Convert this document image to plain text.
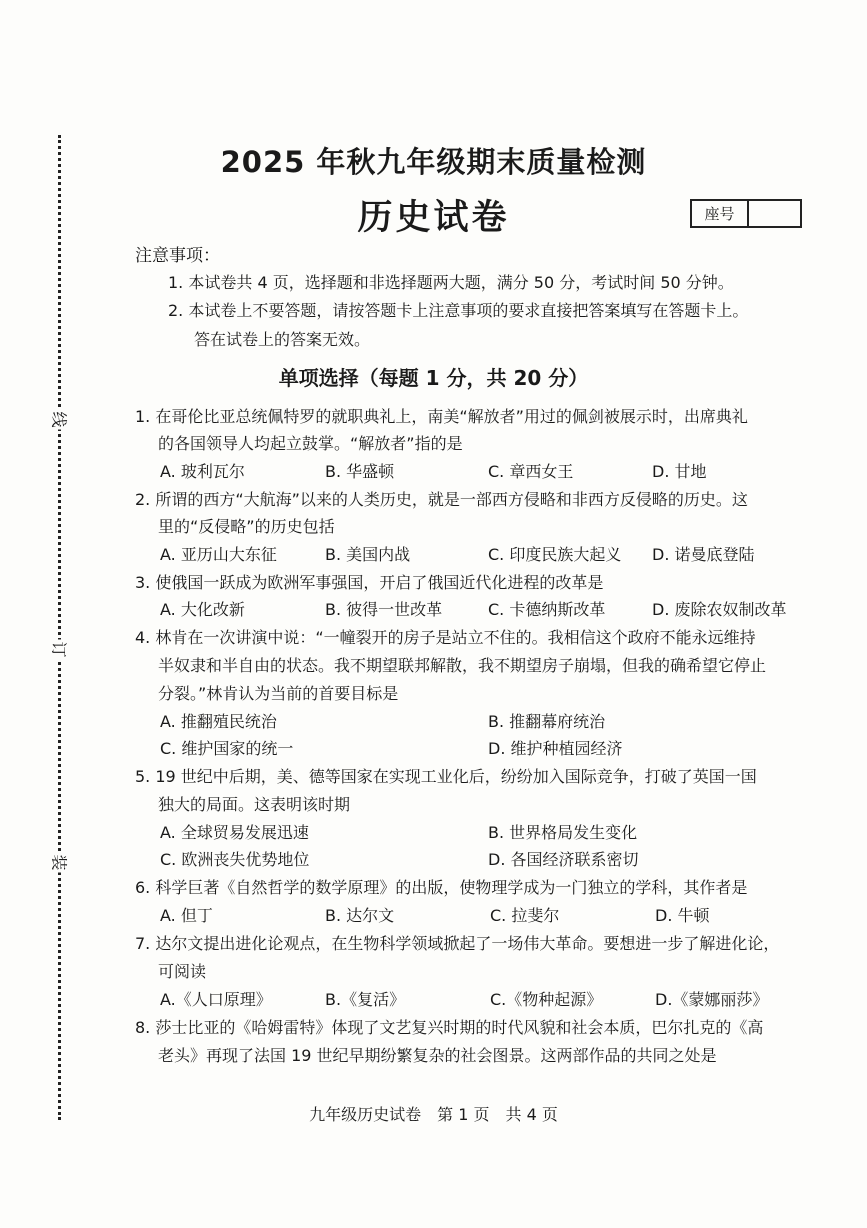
线
订
装
2025 年秋九年级期末质量检测
历史试卷	座号
注意事项：
1. 本试卷共 4 页，选择题和非选择题两大题，满分 50 分，考试时间 50 分钟。
2. 本试卷上不要答题，请按答题卡上注意事项的要求直接把答案填写在答题卡上。
答在试卷上的答案无效。
单项选择（每题 1 分，共 20 分）
1. 在哥伦比亚总统佩特罗的就职典礼上，南美“解放者”用过的佩剑被展示时，出席典礼
的各国领导人均起立鼓掌。“解放者”指的是
A. 玻利瓦尔	B. 华盛顿	C. 章西女王	D. 甘地
2. 所谓的西方“大航海”以来的人类历史，就是一部西方侵略和非西方反侵略的历史。这
里的“反侵略”的历史包括
A. 亚历山大东征	B. 美国内战	C. 印度民族大起义 D. 诺曼底登陆
3. 使俄国一跃成为欧洲军事强国，开启了俄国近代化进程的改革是
A. 大化改新	B. 彼得一世改革	C. 卡德纳斯改革	D. 废除农奴制改革
4. 林肯在一次讲演中说：“一幢裂开的房子是站立不住的。我相信这个政府不能永远维持
半奴隶和半自由的状态。我不期望联邦解散，我不期望房子崩塌，但我的确希望它停止
分裂。”林肯认为当前的首要目标是
A. 推翻殖民统治	B. 推翻幕府统治
C. 维护国家的统一	D. 维护种植园经济
5. 19 世纪中后期，美、德等国家在实现工业化后，纷纷加入国际竞争，打破了英国一国
独大的局面。这表明该时期
A. 全球贸易发展迅速	B. 世界格局发生变化
C. 欧洲丧失优势地位	D. 各国经济联系密切
6. 科学巨著《自然哲学的数学原理》的出版，使物理学成为一门独立的学科，其作者是
A. 但丁	B. 达尔文	C. 拉斐尔	D. 牛顿
7. 达尔文提出进化论观点，在生物科学领域掀起了一场伟大革命。要想进一步了解进化论，
可阅读
A.《人口原理》	B.《复活》	C.《物种起源》	D.《蒙娜丽莎》
8. 莎士比亚的《哈姆雷特》体现了文艺复兴时期的时代风貌和社会本质，巴尔扎克的《高
老头》再现了法国 19 世纪早期纷繁复杂的社会图景。这两部作品的共同之处是
九年级历史试卷　第 1 页　共 4 页
